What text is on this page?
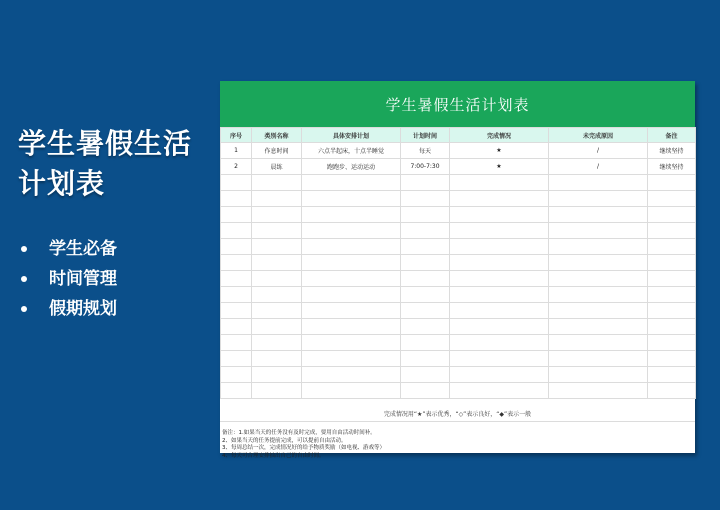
学生暑假生活
计划表
学生必备
时间管理
假期规划
学生暑假生活计划表
序号	类别名称	具体安排计划	计划时间	完成情况	未完成原因	备注
1	作息时间	六点半起床，十点半睡觉	每天	★	/	继续坚持
2	晨练	跑跑步、运动运动	7:00-7:30	★	/	继续坚持

完成情况用“★”表示优秀，“◇”表示良好，“◆”表示一般
备注：1.如果当天的任务没有及时完成，要用自由活动时间补。
2、如果当天的任务提前完成，可以提前自由活动。
3、每周总结一次，完成情况好的给予物质奖励（如电视、游戏等）
4、每天可合理安排抽出自己的自由时间。
